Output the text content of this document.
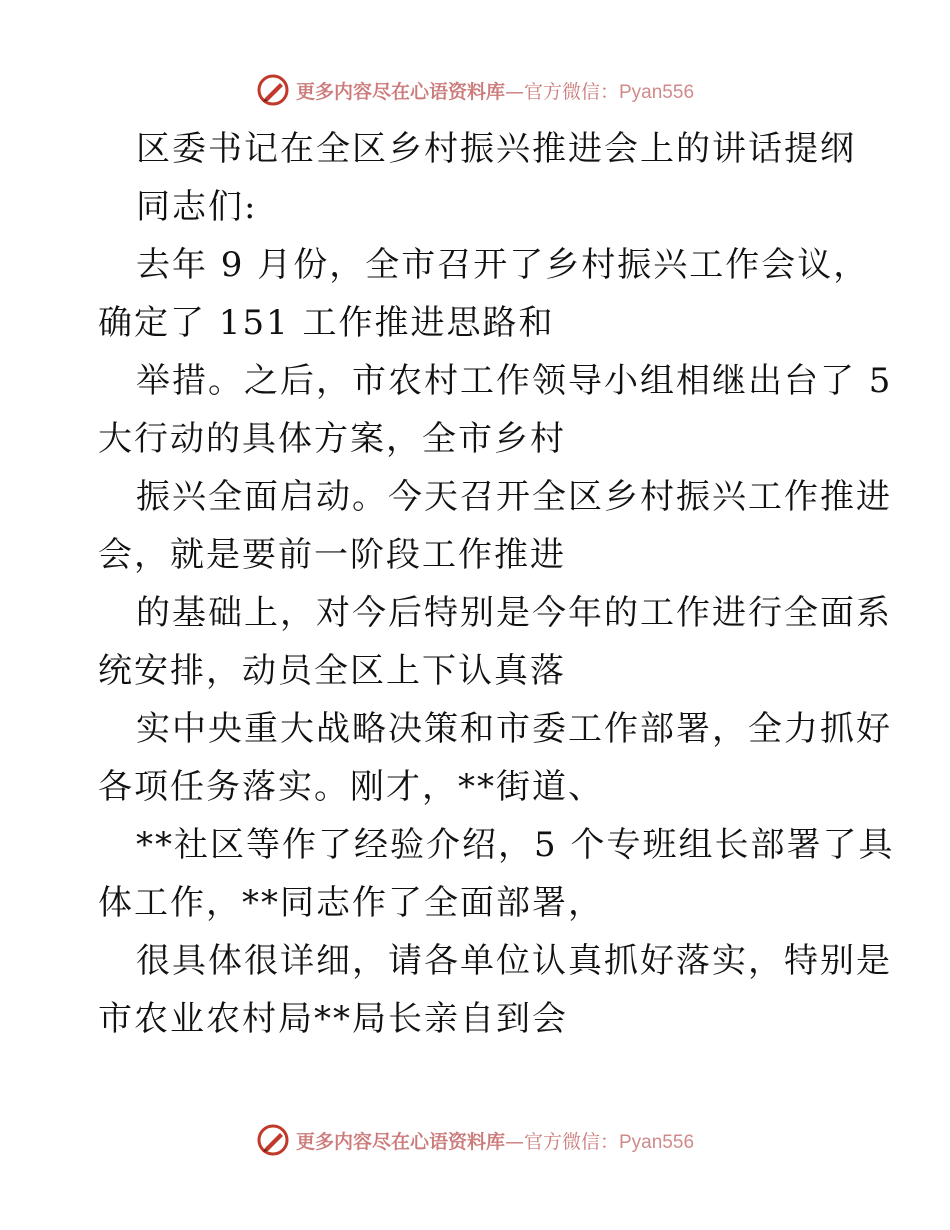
更多内容尽在心语资料库—官方微信：Pyan556
区委书记在全区乡村振兴推进会上的讲话提纲
同志们:
去年 9 月份，全市召开了乡村振兴工作会议，
确定了 151 工作推进思路和
举措。之后，市农村工作领导小组相继出台了 5
大行动的具体方案，全市乡村
振兴全面启动。今天召开全区乡村振兴工作推进
会，就是要前一阶段工作推进
的基础上，对今后特别是今年的工作进行全面系
统安排，动员全区上下认真落
实中央重大战略决策和市委工作部署，全力抓好
各项任务落实。刚才，**街道、
**社区等作了经验介绍，5 个专班组长部署了具
体工作，**同志作了全面部署，
很具体很详细，请各单位认真抓好落实，特别是
市农业农村局**局长亲自到会
更多内容尽在心语资料库—官方微信：Pyan556
